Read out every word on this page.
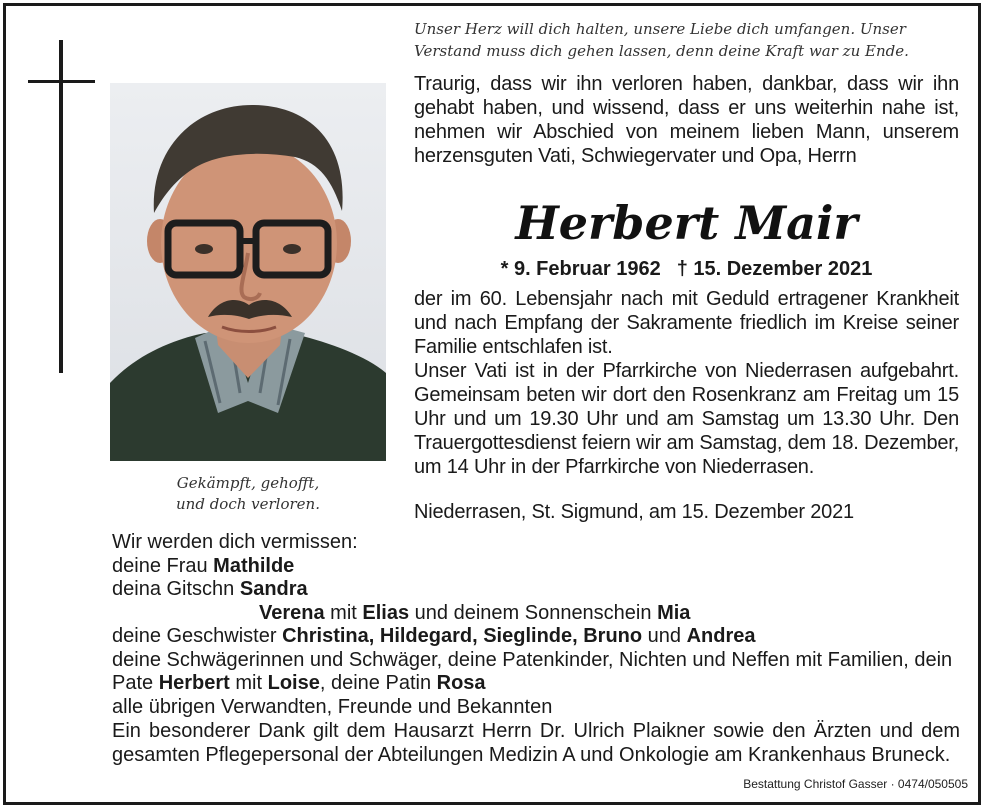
Gekämpft, gehofft,
und doch verloren.
Unser Herz will dich halten, unsere Liebe dich umfangen. Unser
Verstand muss dich gehen lassen, denn deine Kraft war zu Ende.
Traurig, dass wir ihn verloren haben, dankbar, dass wir ihn gehabt haben, und wissend, dass er uns weiterhin nahe ist, nehmen wir Abschied von meinem lieben Mann, unserem herzensguten Vati, Schwiegervater und Opa, Herrn
Herbert Mair
* 9. Februar 1962 † 15. Dezember 2021
der im 60. Lebensjahr nach mit Geduld ertragener Krankheit und nach Empfang der Sakramente friedlich im Kreise seiner Familie entschlafen ist.
Unser Vati ist in der Pfarrkirche von Niederrasen aufgebahrt. Gemeinsam beten wir dort den Rosenkranz am Freitag um 15 Uhr und um 19.30 Uhr und am Samstag um 13.30 Uhr. Den Trauergottesdienst feiern wir am Samstag, dem 18. Dezember, um 14 Uhr in der Pfarrkirche von Niederrasen.
Niederrasen, St. Sigmund, am 15. Dezember 2021
Wir werden dich vermissen:
deine Frau Mathilde
deina Gitschn Sandra
Verena mit Elias und deinem Sonnenschein Mia
deine Geschwister Christina, Hildegard, Sieglinde, Bruno und Andrea
deine Schwägerinnen und Schwäger, deine Patenkinder, Nichten und Neffen mit Familien, dein Pate Herbert mit Loise, deine Patin Rosa
alle übrigen Verwandten, Freunde und Bekannten
Ein besonderer Dank gilt dem Hausarzt Herrn Dr. Ulrich Plaikner sowie den Ärzten und dem gesamten Pflegepersonal der Abteilungen Medizin A und Onkologie am Krankenhaus Bruneck.
Bestattung Christof Gasser · 0474/050505
